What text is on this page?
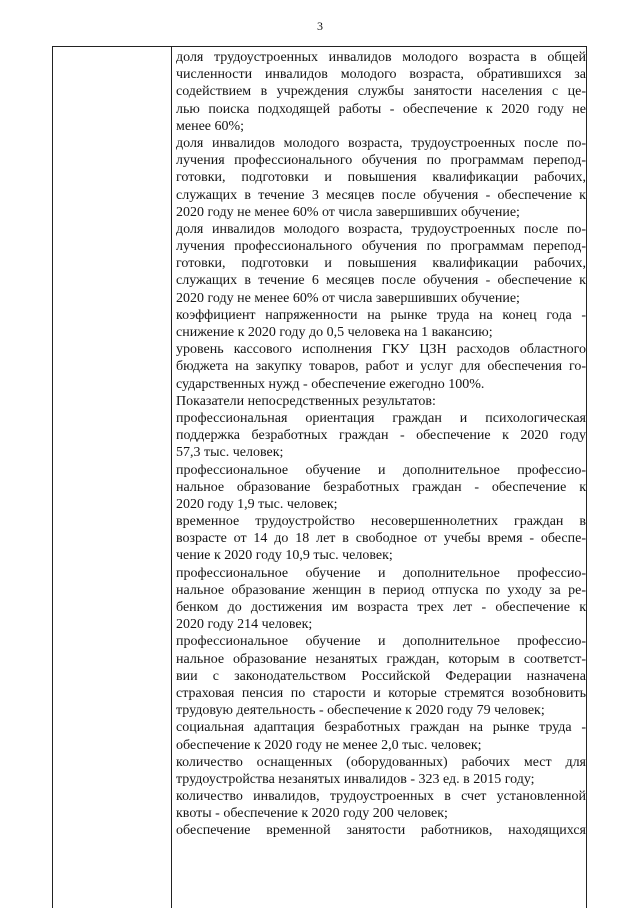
3
доля трудоустроенных инвалидов молодого возраста в общей
численности инвалидов молодого возраста, обратившихся за
содействием в учреждения службы занятости населения с це-
лью поиска подходящей работы - обеспечение к 2020 году не
менее 60%;
доля инвалидов молодого возраста, трудоустроенных после по-
лучения профессионального обучения по программам перепод-
готовки, подготовки и повышения квалификации рабочих,
служащих в течение 3 месяцев после обучения - обеспечение к
2020 году не менее 60% от числа завершивших обучение;
доля инвалидов молодого возраста, трудоустроенных после по-
лучения профессионального обучения по программам перепод-
готовки, подготовки и повышения квалификации рабочих,
служащих в течение 6 месяцев после обучения - обеспечение к
2020 году не менее 60% от числа завершивших обучение;
коэффициент напряженности на рынке труда на конец года -
снижение к 2020 году до 0,5 человека на 1 вакансию;
уровень кассового исполнения ГКУ ЦЗН расходов областного
бюджета на закупку товаров, работ и услуг для обеспечения го-
сударственных нужд - обеспечение ежегодно 100%.
Показатели непосредственных результатов:
профессиональная ориентация граждан и психологическая
поддержка безработных граждан - обеспечение к 2020 году
57,3 тыс. человек;
профессиональное обучение и дополнительное профессио-
нальное образование безработных граждан - обеспечение к
2020 году 1,9 тыс. человек;
временное трудоустройство несовершеннолетних граждан в
возрасте от 14 до 18 лет в свободное от учебы время - обеспе-
чение к 2020 году 10,9 тыс. человек;
профессиональное обучение и дополнительное профессио-
нальное образование женщин в период отпуска по уходу за ре-
бенком до достижения им возраста трех лет - обеспечение к
2020 году 214 человек;
профессиональное обучение и дополнительное профессио-
нальное образование незанятых граждан, которым в соответст-
вии с законодательством Российской Федерации назначена
страховая пенсия по старости и которые стремятся возобновить
трудовую деятельность - обеспечение к 2020 году 79 человек;
социальная адаптация безработных граждан на рынке труда -
обеспечение к 2020 году не менее 2,0 тыс. человек;
количество оснащенных (оборудованных) рабочих мест для
трудоустройства незанятых инвалидов - 323 ед. в 2015 году;
количество инвалидов, трудоустроенных в счет установленной
квоты - обеспечение к 2020 году 200 человек;
обеспечение временной занятости работников, находящихся
